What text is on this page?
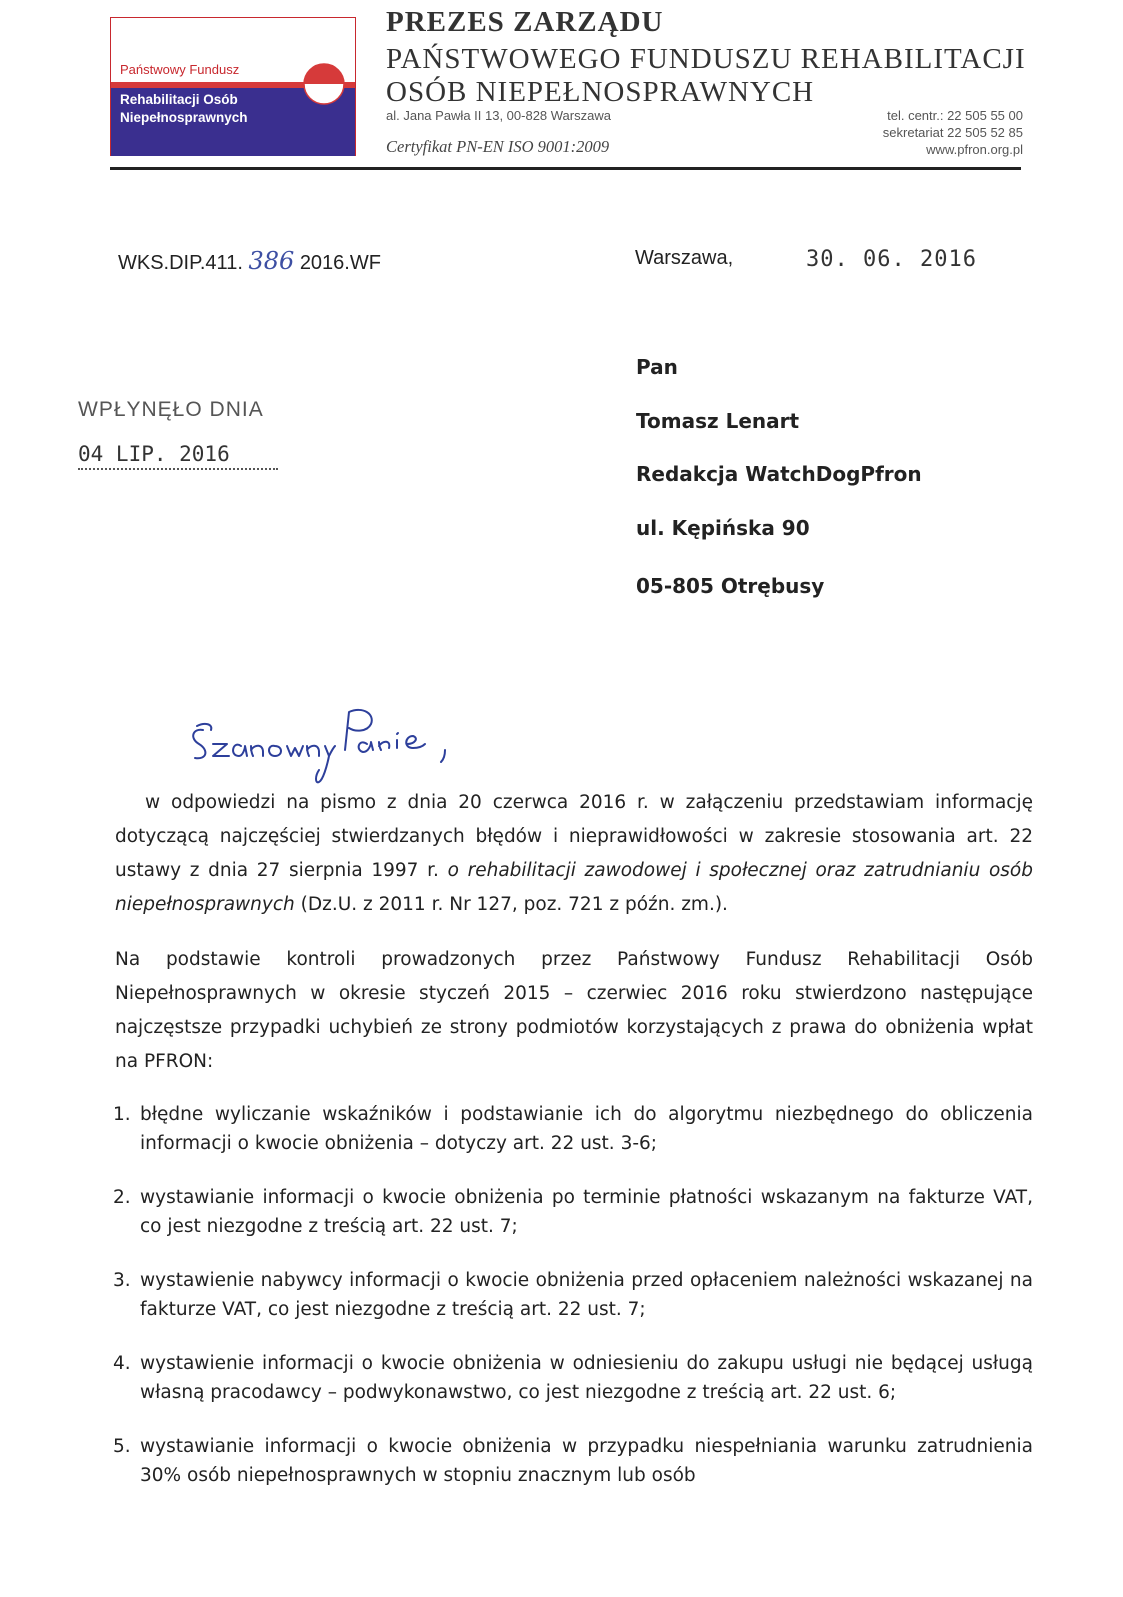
Państwowy Fundusz
Rehabilitacji Osób
Niepełnosprawnych
PREZES ZARZĄDU
PAŃSTWOWEGO FUNDUSZU REHABILITACJI
OSÓB NIEPEŁNOSPRAWNYCH
al. Jana Pawła II 13, 00-828 Warszawa
Certyfikat PN-EN ISO 9001:2009
tel. centr.: 22 505 55 00
sekretariat 22 505 52 85
www.pfron.org.pl
WKS.DIP.411. 386 2016.WF	Warszawa,	30. 06. 2016
WPŁYNĘŁO DNIA
04 LIP. 2016
Pan
Tomasz Lenart
Redakcja WatchDogPfron
ul. Kępińska 90
05-805 Otrębusy
w odpowiedzi na pismo z dnia 20 czerwca 2016 r. w załączeniu przedstawiam informację dotyczącą najczęściej stwierdzanych błędów i nieprawidłowości w zakresie stosowania art. 22 ustawy z dnia 27 sierpnia 1997 r. o rehabilitacji zawodowej i społecznej oraz zatrudnianiu osób niepełnosprawnych (Dz.U. z 2011 r. Nr 127, poz. 721 z późn. zm.).
Na podstawie kontroli prowadzonych przez Państwowy Fundusz Rehabilitacji Osób Niepełnosprawnych w okresie styczeń 2015 – czerwiec 2016 roku stwierdzono następujące najczęstsze przypadki uchybień ze strony podmiotów korzystających z prawa do obniżenia wpłat na PFRON:
1. błędne wyliczanie wskaźników i podstawianie ich do algorytmu niezbędnego do obliczenia informacji o kwocie obniżenia – dotyczy art. 22 ust. 3-6;
2. wystawianie informacji o kwocie obniżenia po terminie płatności wskazanym na fakturze VAT, co jest niezgodne z treścią art. 22 ust. 7;
3. wystawienie nabywcy informacji o kwocie obniżenia przed opłaceniem należności wskazanej na fakturze VAT, co jest niezgodne z treścią art. 22 ust. 7;
4. wystawienie informacji o kwocie obniżenia w odniesieniu do zakupu usługi nie będącej usługą własną pracodawcy – podwykonawstwo, co jest niezgodne z treścią art. 22 ust. 6;
5. wystawianie informacji o kwocie obniżenia w przypadku niespełniania warunku zatrudnienia 30% osób niepełnosprawnych w stopniu znacznym lub osób
